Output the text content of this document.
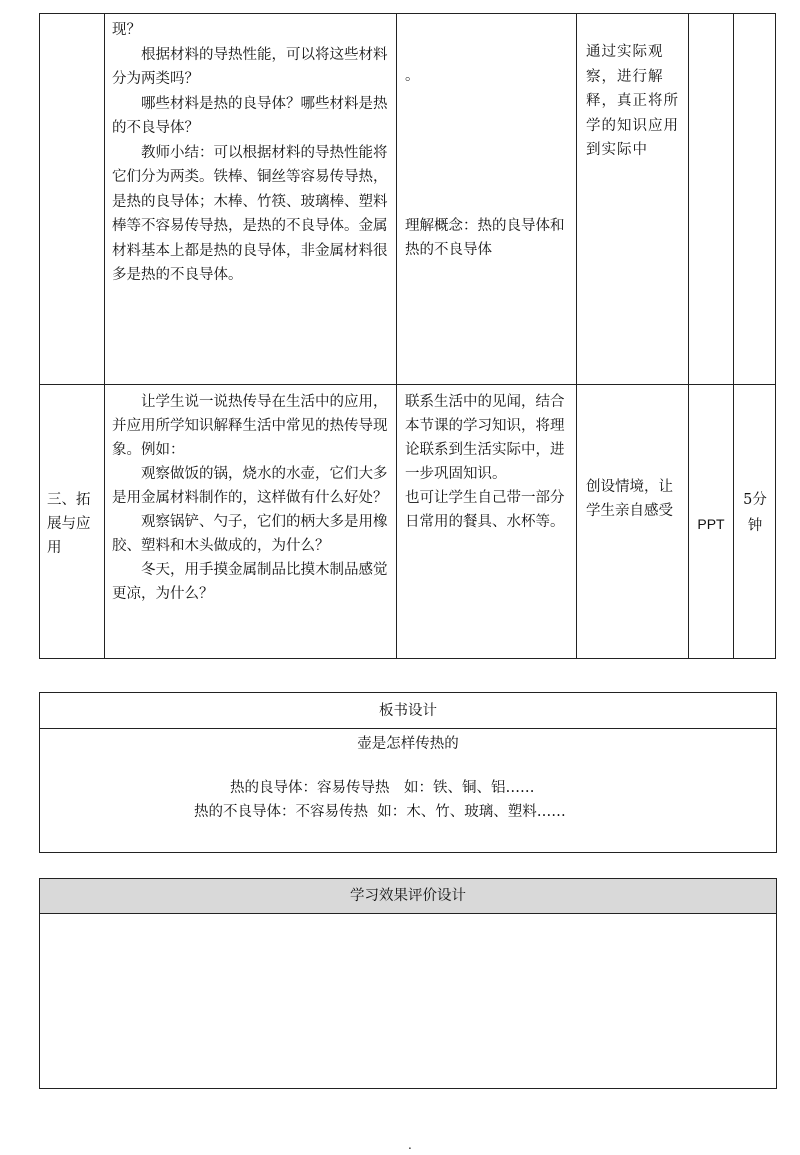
现？
根据材料的导热性能，可以将这些材料分为两类吗？
哪些材料是热的良导体？哪些材料是热的不良导体？
教师小结：可以根据材料的导热性能将它们分为两类。铁棒、铜丝等容易传导热，是热的良导体；木棒、竹筷、玻璃棒、塑料棒等不容易传导热，是热的不良导体。金属材料基本上都是热的良导体，非金属材料很多是热的不良导体。
。
理解概念：热的良导体和热的不良导体
通过实际观察，进行解释，真正将所学的知识应用到实际中
三、拓展与应用
让学生说一说热传导在生活中的应用，并应用所学知识解释生活中常见的热传导现象。例如：
观察做饭的锅，烧水的水壶，它们大多是用金属材料制作的，这样做有什么好处？
观察锅铲、勺子，它们的柄大多是用橡胶、塑料和木头做成的，为什么？
冬天，用手摸金属制品比摸木制品感觉更凉，为什么？
联系生活中的见闻，结合本节课的学习知识，将理论联系到生活实际中，进一步巩固知识。
也可让学生自己带一部分日常用的餐具、水杯等。
创设情境，让学生亲自感受
PPT
5分钟
板书设计
壶是怎样传热的
热的良导体：容易传导热　如：铁、铜、铝……
热的不良导体：不容易传热  如：木、竹、玻璃、塑料……
学习效果评价设计
.
